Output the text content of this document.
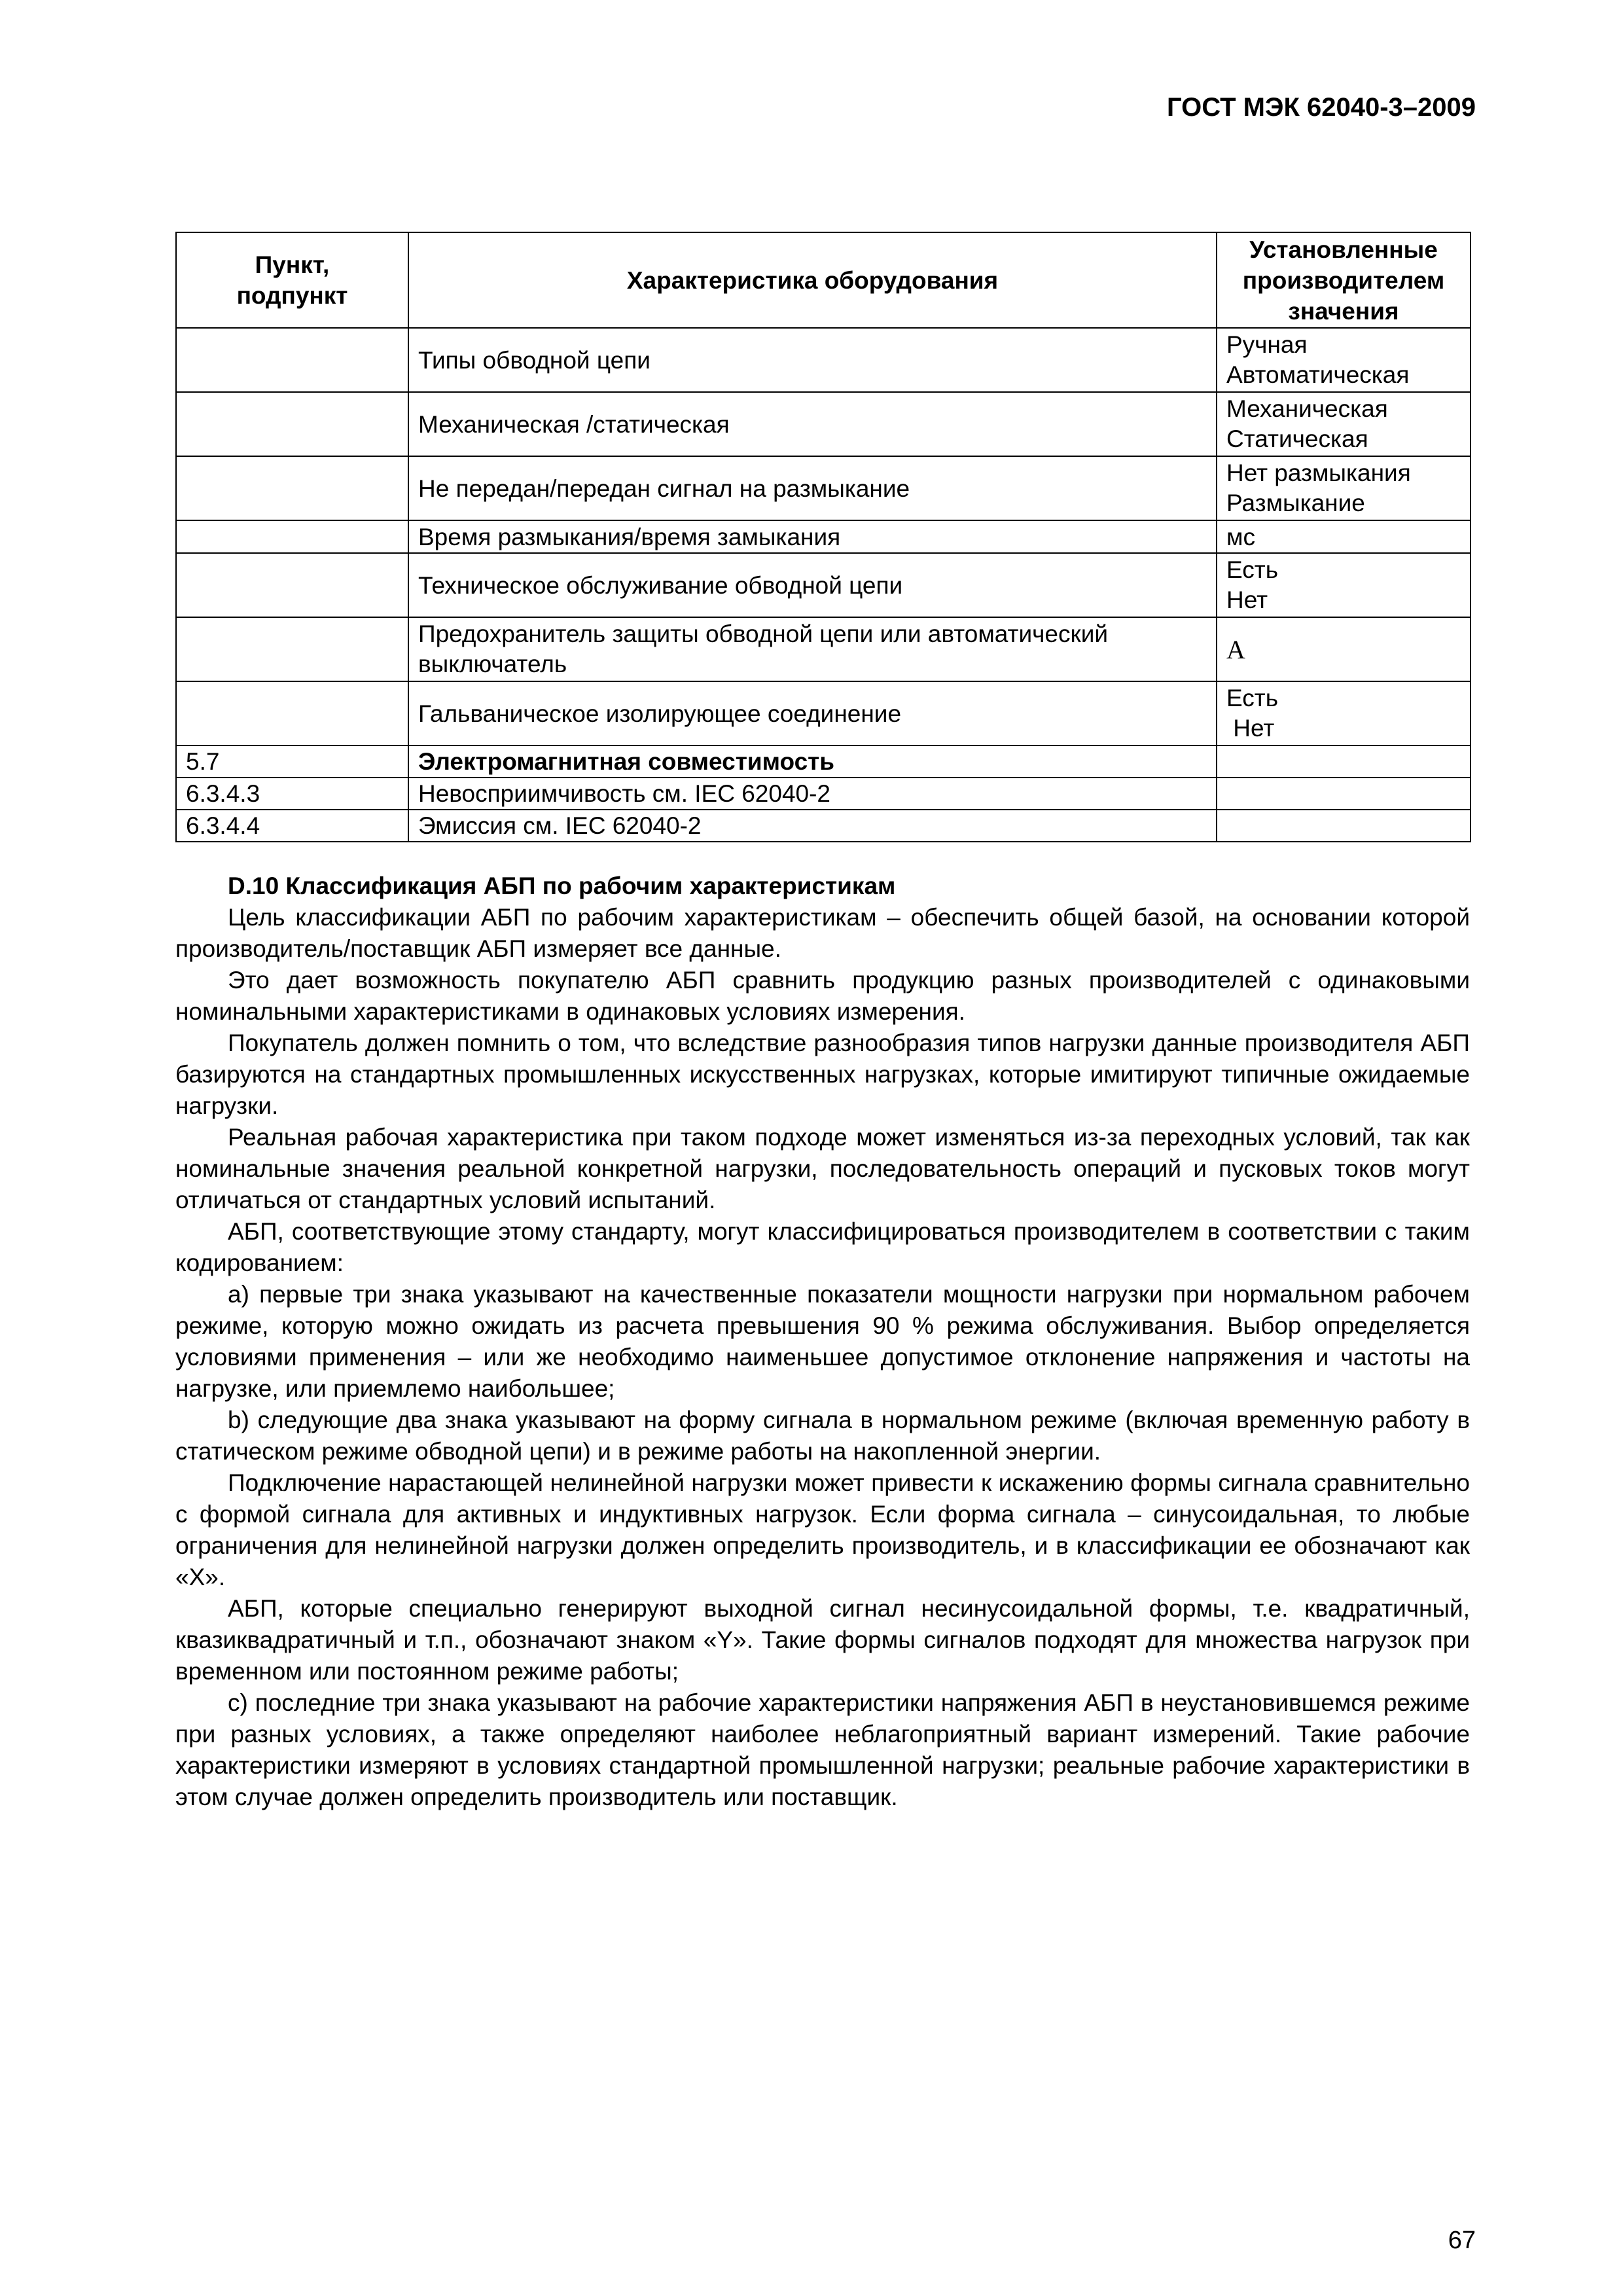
ГОСТ МЭК 62040-3–2009
Пункт, подпункт	Характеристика оборудования	Установленные производителем значения
	Типы обводной цепи	Ручная
Автоматическая

	Механическая /статическая	Механическая
Статическая

	Не передан/передан сигнал на размыкание	Нет размыкания
Размыкание

	Время размыкания/время замыкания	мс

	Техническое обслуживание обводной цепи	Есть
Нет

	Предохранитель защиты обводной цепи или автоматический выключатель	А

	Гальваническое изолирующее соединение	Есть
Нет

5.7	Электромагнитная совместимость	
6.3.4.3	Невосприимчивость см. IEC 62040-2	
6.3.4.4	Эмиссия см. IEC 62040-2	
D.10 Классификация АБП по рабочим характеристикам

Цель классификации АБП по рабочим характеристикам – обеспечить общей базой, на основании которой производитель/поставщик АБП измеряет все данные.

Это дает возможность покупателю АБП сравнить продукцию разных производителей с одинаковыми номинальными характеристиками в одинаковых условиях измерения.

Покупатель должен помнить о том, что вследствие разнообразия типов нагрузки данные производителя АБП базируются на стандартных промышленных искусственных нагрузках, которые имитируют типичные ожидаемые нагрузки.

Реальная рабочая характеристика при таком подходе может изменяться из-за переходных условий, так как номинальные значения реальной конкретной нагрузки, последовательность операций и пусковых токов могут отличаться от стандартных условий испытаний.

АБП, соответствующие этому стандарту, могут классифицироваться производителем в соответствии с таким кодированием:

a) первые три знака указывают на качественные показатели мощности нагрузки при нормальном рабочем режиме, которую можно ожидать из расчета превышения 90 % режима обслуживания. Выбор определяется условиями применения – или же необходимо наименьшее допустимое отклонение напряжения и частоты на нагрузке, или приемлемо наибольшее;

b) следующие два знака указывают на форму сигнала в нормальном режиме (включая временную работу в статическом режиме обводной цепи) и в режиме работы на накопленной энергии.

Подключение нарастающей нелинейной нагрузки может привести к искажению формы сигнала сравнительно с формой сигнала для активных и индуктивных нагрузок. Если форма сигнала – синусоидальная, то любые ограничения для нелинейной нагрузки должен определить производитель, и в классификации ее обозначают как «X».

АБП, которые специально генерируют выходной сигнал несинусоидальной формы, т.е. квадратичный, квазиквадратичный и т.п., обозначают знаком «Y». Такие формы сигналов подходят для множества нагрузок при временном или постоянном режиме работы;

c) последние три знака указывают на рабочие характеристики напряжения АБП в неустановившемся режиме при разных условиях, а также определяют наиболее неблагоприятный вариант измерений. Такие рабочие характеристики измеряют в условиях стандартной промышленной нагрузки; реальные рабочие характеристики в этом случае должен определить производитель или поставщик.

67
